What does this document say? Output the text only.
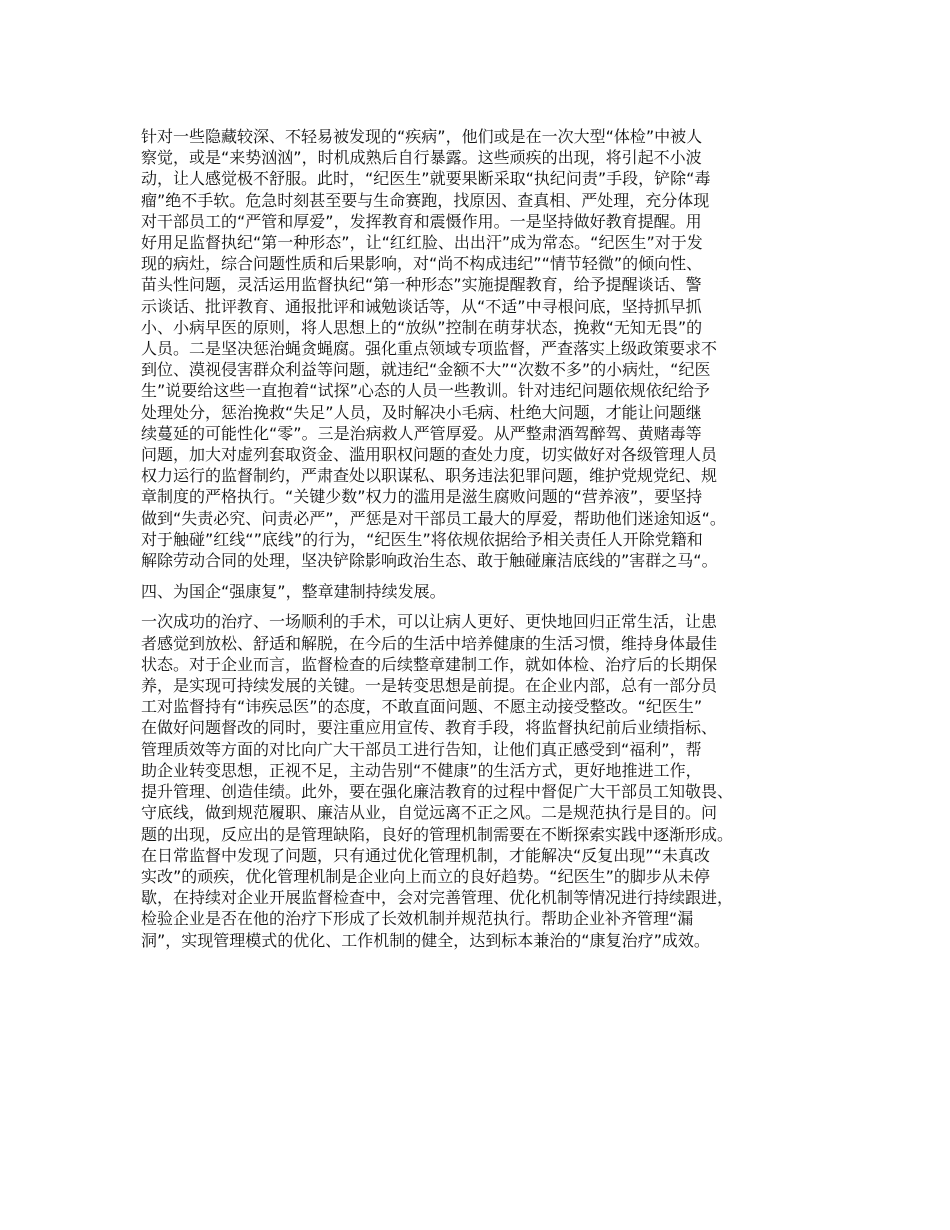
针对一些隐藏较深、不轻易被发现的“疾病”，他们或是在一次大型“体检”中被人
察觉，或是“来势汹汹”，时机成熟后自行暴露。这些顽疾的出现，将引起不小波
动，让人感觉极不舒服。此时，“纪医生”就要果断采取“执纪问责”手段，铲除“毒
瘤”绝不手软。危急时刻甚至要与生命赛跑，找原因、查真相、严处理，充分体现
对干部员工的“严管和厚爱”，发挥教育和震慑作用。一是坚持做好教育提醒。用
好用足监督执纪“第一种形态”，让“红红脸、出出汗”成为常态。“纪医生”对于发
现的病灶，综合问题性质和后果影响，对“尚不构成违纪”“情节轻微”的倾向性、
苗头性问题，灵活运用监督执纪“第一种形态”实施提醒教育，给予提醒谈话、警
示谈话、批评教育、通报批评和诫勉谈话等，从“不适”中寻根问底，坚持抓早抓
小、小病早医的原则，将人思想上的“放纵”控制在萌芽状态，挽救“无知无畏”的
人员。二是坚决惩治蝇贪蝇腐。强化重点领域专项监督，严查落实上级政策要求不
到位、漠视侵害群众利益等问题，就违纪“金额不大”“次数不多”的小病灶，“纪医
生”说要给这些一直抱着“试探”心态的人员一些教训。针对违纪问题依规依纪给予
处理处分，惩治挽救“失足”人员，及时解决小毛病、杜绝大问题，才能让问题继
续蔓延的可能性化“零”。三是治病救人严管厚爱。从严整肃酒驾醉驾、黄赌毒等
问题，加大对虚列套取资金、滥用职权问题的查处力度，切实做好对各级管理人员
权力运行的监督制约，严肃查处以职谋私、职务违法犯罪问题，维护党规党纪、规
章制度的严格执行。“关键少数”权力的滥用是滋生腐败问题的“营养液”，要坚持
做到“失责必究、问责必严”，严惩是对干部员工最大的厚爱，帮助他们迷途知返“。
对于触碰”红线“”底线”的行为，“纪医生”将依规依据给予相关责任人开除党籍和
解除劳动合同的处理，坚决铲除影响政治生态、敢于触碰廉洁底线的”害群之马“。

四、为国企“强康复”，整章建制持续发展。

一次成功的治疗、一场顺利的手术，可以让病人更好、更快地回归正常生活，让患
者感觉到放松、舒适和解脱，在今后的生活中培养健康的生活习惯，维持身体最佳
状态。对于企业而言，监督检查的后续整章建制工作，就如体检、治疗后的长期保
养，是实现可持续发展的关键。一是转变思想是前提。在企业内部，总有一部分员
工对监督持有“讳疾忌医”的态度，不敢直面问题、不愿主动接受整改。“纪医生”
在做好问题督改的同时，要注重应用宣传、教育手段，将监督执纪前后业绩指标、
管理质效等方面的对比向广大干部员工进行告知，让他们真正感受到“福利”，帮
助企业转变思想，正视不足，主动告别“不健康”的生活方式，更好地推进工作，
提升管理、创造佳绩。此外，要在强化廉洁教育的过程中督促广大干部员工知敬畏、
守底线，做到规范履职、廉洁从业，自觉远离不正之风。二是规范执行是目的。问
题的出现，反应出的是管理缺陷，良好的管理机制需要在不断探索实践中逐渐形成。
在日常监督中发现了问题，只有通过优化管理机制，才能解决“反复出现”“未真改
实改”的顽疾，优化管理机制是企业向上而立的良好趋势。“纪医生”的脚步从未停
歇，在持续对企业开展监督检查中，会对完善管理、优化机制等情况进行持续跟进，
检验企业是否在他的治疗下形成了长效机制并规范执行。帮助企业补齐管理“漏
洞”，实现管理模式的优化、工作机制的健全，达到标本兼治的“康复治疗”成效。
